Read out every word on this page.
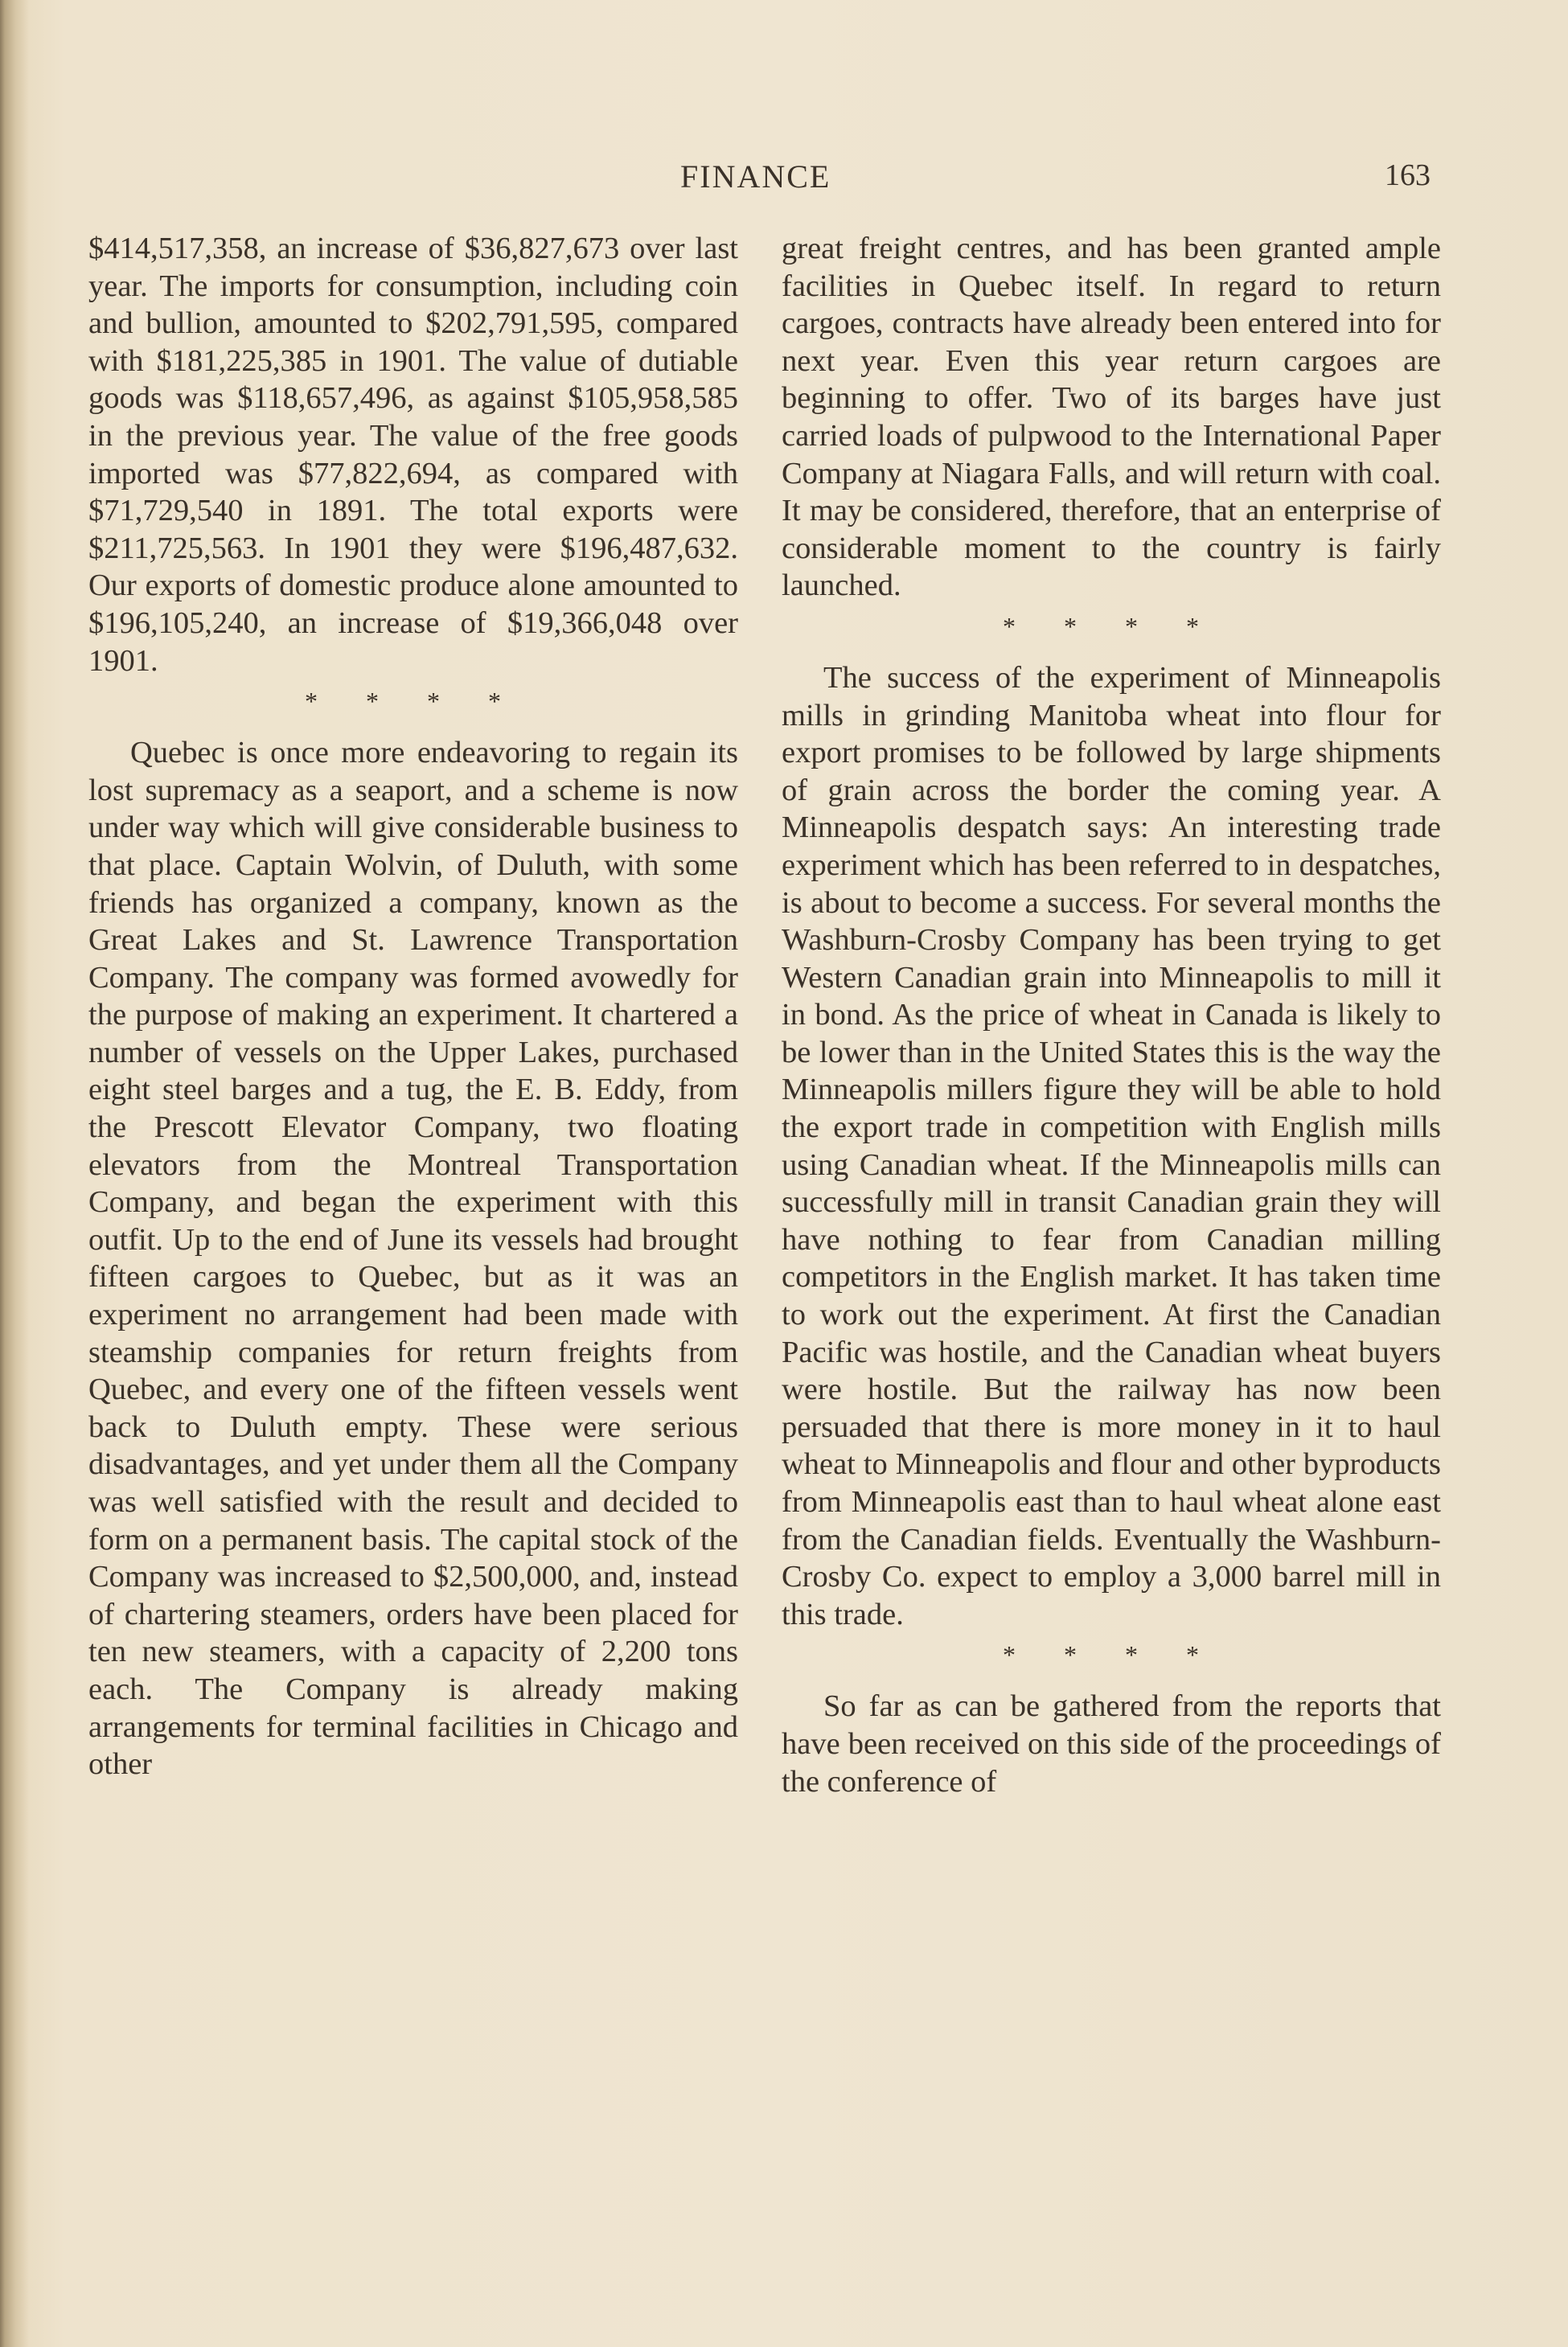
FINANCE	163

$414,517,358, an increase of $36,827,673 over last year. The imports for consumption, including coin and bullion, amounted to $202,791,595, compared with $181,225,385 in 1901. The value of dutiable goods was $118,657,496, as against $105,958,585 in the previous year. The value of the free goods imported was $77,822,694, as compared with $71,729,540 in 1891. The total exports were $211,725,563. In 1901 they were $196,487,632. Our exports of domestic produce alone amounted to $196,105,240, an increase of $19,366,048 over 1901.

* * * *

Quebec is once more endeavoring to regain its lost supremacy as a seaport, and a scheme is now under way which will give considerable business to that place. Captain Wolvin, of Duluth, with some friends has organized a company, known as the Great Lakes and St. Lawrence Transportation Company. The company was formed avowedly for the purpose of making an experiment. It chartered a number of vessels on the Upper Lakes, purchased eight steel barges and a tug, the E. B. Eddy, from the Prescott Elevator Company, two floating elevators from the Montreal Transportation Company, and began the experiment with this outfit. Up to the end of June its vessels had brought fifteen cargoes to Quebec, but as it was an experiment no arrangement had been made with steamship companies for return freights from Quebec, and every one of the fifteen vessels went back to Duluth empty. These were serious disadvantages, and yet under them all the Company was well satisfied with the result and decided to form on a permanent basis. The capital stock of the Company was increased to $2,500,000, and, instead of chartering steamers, orders have been placed for ten new steamers, with a capacity of 2,200 tons each. The Company is already making arrangements for terminal facilities in Chicago and other

great freight centres, and has been granted ample facilities in Quebec itself. In regard to return cargoes, contracts have already been entered into for next year. Even this year return cargoes are beginning to offer. Two of its barges have just carried loads of pulpwood to the International Paper Company at Niagara Falls, and will return with coal. It may be considered, therefore, that an enterprise of considerable moment to the country is fairly launched.

* * * *

The success of the experiment of Minneapolis mills in grinding Manitoba wheat into flour for export promises to be followed by large shipments of grain across the border the coming year. A Minneapolis despatch says: An interesting trade experiment which has been referred to in despatches, is about to become a success. For several months the Washburn-Crosby Company has been trying to get Western Canadian grain into Minneapolis to mill it in bond. As the price of wheat in Canada is likely to be lower than in the United States this is the way the Minneapolis millers figure they will be able to hold the export trade in competition with English mills using Canadian wheat. If the Minneapolis mills can successfully mill in transit Canadian grain they will have nothing to fear from Canadian milling competitors in the English market. It has taken time to work out the experiment. At first the Canadian Pacific was hostile, and the Canadian wheat buyers were hostile. But the railway has now been persuaded that there is more money in it to haul wheat to Minneapolis and flour and other byproducts from Minneapolis east than to haul wheat alone east from the Canadian fields. Eventually the Washburn-Crosby Co. expect to employ a 3,000 barrel mill in this trade.

* * * *

So far as can be gathered from the reports that have been received on this side of the proceedings of the conference of
